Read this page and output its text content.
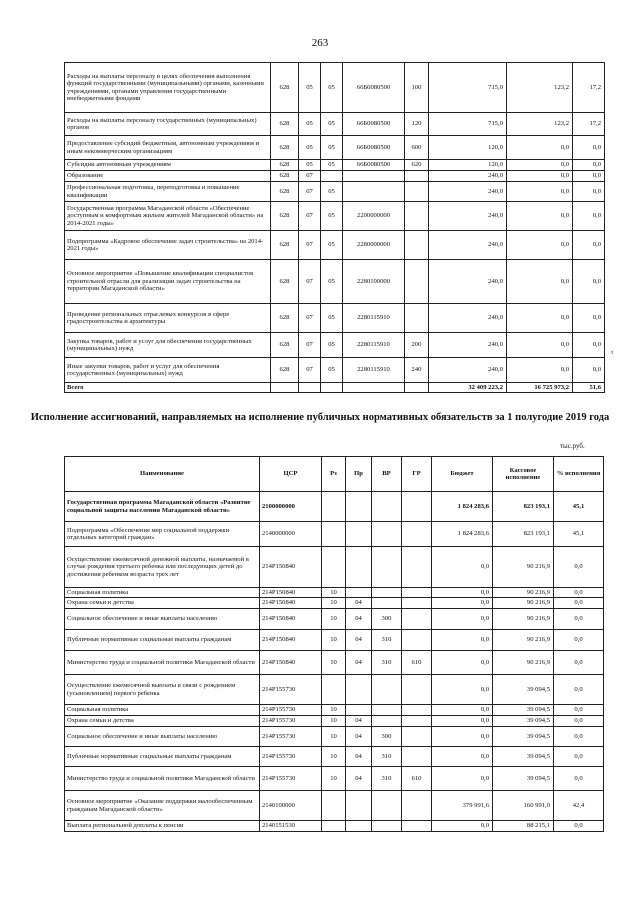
263
Расходы на выплаты персоналу в целях обеспечения выполнения функций государственными (муниципальными) органами, казенными учреждениями, органами управления государственными внебюджетными фондами	628	05	05	66Б0080500	100	715,0	123,2	17,2
Расходы на выплаты персоналу государственных (муниципальных) органов	628	05	05	66Б0080500	120	715,0	123,2	17,2
Предоставление субсидий бюджетным, автономным учреждениям и иным некоммерческим организациям	628	05	05	66Б0080500	600	120,0	0,0	0,0
Субсидии автономным учреждениям	628	05	05	66Б0080500	620	120,0	0,0	0,0
Образование	628	07				240,0	0,0	0,0
Профессиональная подготовка, переподготовка и повышение квалификации	628	07	05			240,0	0,0	0,0
Государственная программа Магаданской области «Обеспечение доступным и комфортным жильем жителей Магаданской области» на 2014-2021 годы»	628	07	05	2200000000		240,0	0,0	0,0
Подпрограмма «Кадровое обеспечение задач строительства» на 2014-2021 годы»	628	07	05	2280000000		240,0	0,0	0,0
Основное мероприятие «Повышение квалификации специалистов строительной отрасли для реализации задач строительства на территории Магаданской области»	628	07	05	2280100000		240,0	0,0	0,0
Проведение региональных отраслевых конкурсов в сфере градостроительства и архитектуры	628	07	05	2280115910		240,0	0,0	0,0
Закупка товаров, работ и услуг для обеспечения государственных (муниципальных) нужд	628	07	05	2280115910	200	240,0	0,0	0,0
Иные закупки товаров, работ и услуг для обеспечения государственных (муниципальных) нужд	628	07	05	2280115910	240	240,0	0,0	0,0
Всего						32 409 223,2	16 725 973,2	51,6
t
Исполнение ассигнований, направляемых на исполнение публичных нормативных обязательств за 1 полугодие 2019 года
тыс.руб.
Наименование	ЦСР	Рз	Пр	ВР	ГР	Бюджет	Кассовое исполнение	% исполнения
Государственная программа Магаданской области «Развитие социальной защиты населения Магаданской области»	2100000000					1 824 283,6	823 193,1	45,1
Подпрограмма «Обеспечение мер социальной поддержки отдельных категорий граждан»	2140000000					1 824 283,6	823 193,1	45,1
Осуществление ежемесячной денежной выплаты, назначаемой в случае рождения третьего ребенка или последующих детей до достижения ребенком возраста трех лет	214Р150840					0,0	90 216,9	0,0
Социальная политика	214Р150840	10				0,0	90 216,9	0,0
Охрана семьи и детства	214Р150840	10	04			0,0	90 216,9	0,0
Социальное обеспечение и иные выплаты населению	214Р150840	10	04	300		0,0	90 216,9	0,0
Публичные нормативные социальные выплаты гражданам	214Р150840	10	04	310		0,0	90 216,9	0,0
Министерство труда и социальной политики Магаданской области	214Р150840	10	04	310	610	0,0	90 216,9	0,0
Осуществление ежемесячной выплаты в связи с рождением (усыновлением) первого ребенка	214Р155730					0,0	39 094,5	0,0
Социальная политика	214Р155730	10				0,0	39 094,5	0,0
Охрана семьи и детства	214Р155730	10	04			0,0	39 094,5	0,0
Социальное обеспечение и иные выплаты населению	214Р155730	10	04	300		0,0	39 094,5	0,0
Публичные нормативные социальные выплаты гражданам	214Р155730	10	04	310		0,0	39 094,5	0,0
Министерство труда и социальной политики Магаданской области	214Р155730	10	04	310	610	0,0	39 094,5	0,0
Основное мероприятие «Оказание поддержки малообеспеченным гражданам Магаданской области»	2140100000					379 991,6	160 991,0	42,4
Выплата региональной доплаты к пенсии	2140151530					0,0	88 215,1	0,0
